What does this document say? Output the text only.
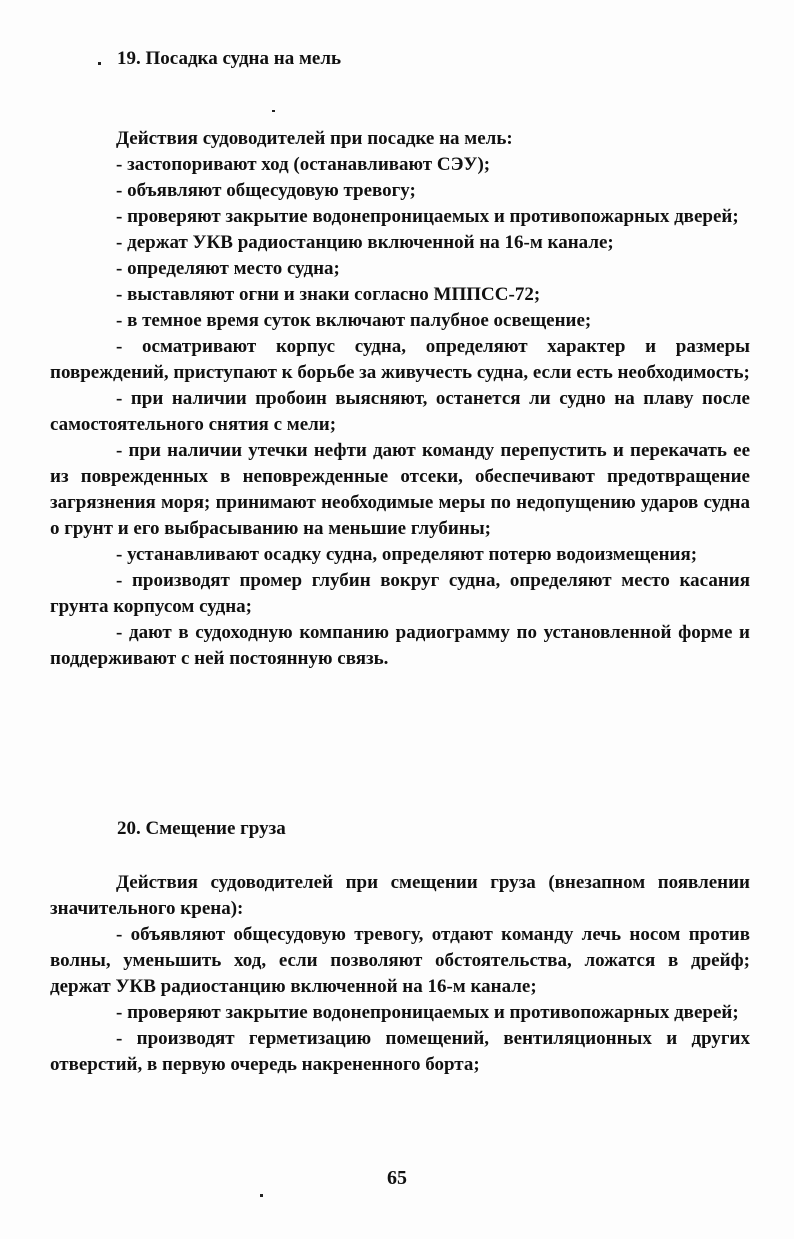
19. Посадка судна на мель

Действия судоводителей при посадке на мель:

- застопоривают ход (останавливают СЭУ);

- объявляют общесудовую тревогу;

- проверяют закрытие водонепроницаемых и противопожарных дверей;

- держат УКВ радиостанцию включенной на 16-м канале;

- определяют место судна;

- выставляют огни и знаки согласно МППСС-72;

- в темное время суток включают палубное освещение;

- осматривают корпус судна, определяют характер и размеры повреждений, приступают к борьбе за живучесть судна, если есть необходимость;

- при наличии пробоин выясняют, останется ли судно на плаву после самостоятельного снятия с мели;

- при наличии утечки нефти дают команду перепустить и перекачать ее из поврежденных в неповрежденные отсеки, обеспечивают предотвращение загрязнения моря; принимают необходимые меры по недопущению ударов судна о грунт и его выбрасыванию на меньшие глубины;

- устанавливают осадку судна, определяют потерю водоизмещения;

- производят промер глубин вокруг судна, определяют место касания грунта корпусом судна;

- дают в судоходную компанию радиограмму по установленной форме и поддерживают с ней постоянную связь.

20. Смещение груза

Действия судоводителей при смещении груза (внезапном появлении значительного крена):

- объявляют общесудовую тревогу, отдают команду лечь носом против волны, уменьшить ход, если позволяют обстоятельства, ложатся в дрейф; держат УКВ радиостанцию включенной на 16-м канале;

- проверяют закрытие водонепроницаемых и противопожарных дверей;

- производят герметизацию помещений, вентиляционных и других отверстий, в первую очередь накрененного борта;

65
